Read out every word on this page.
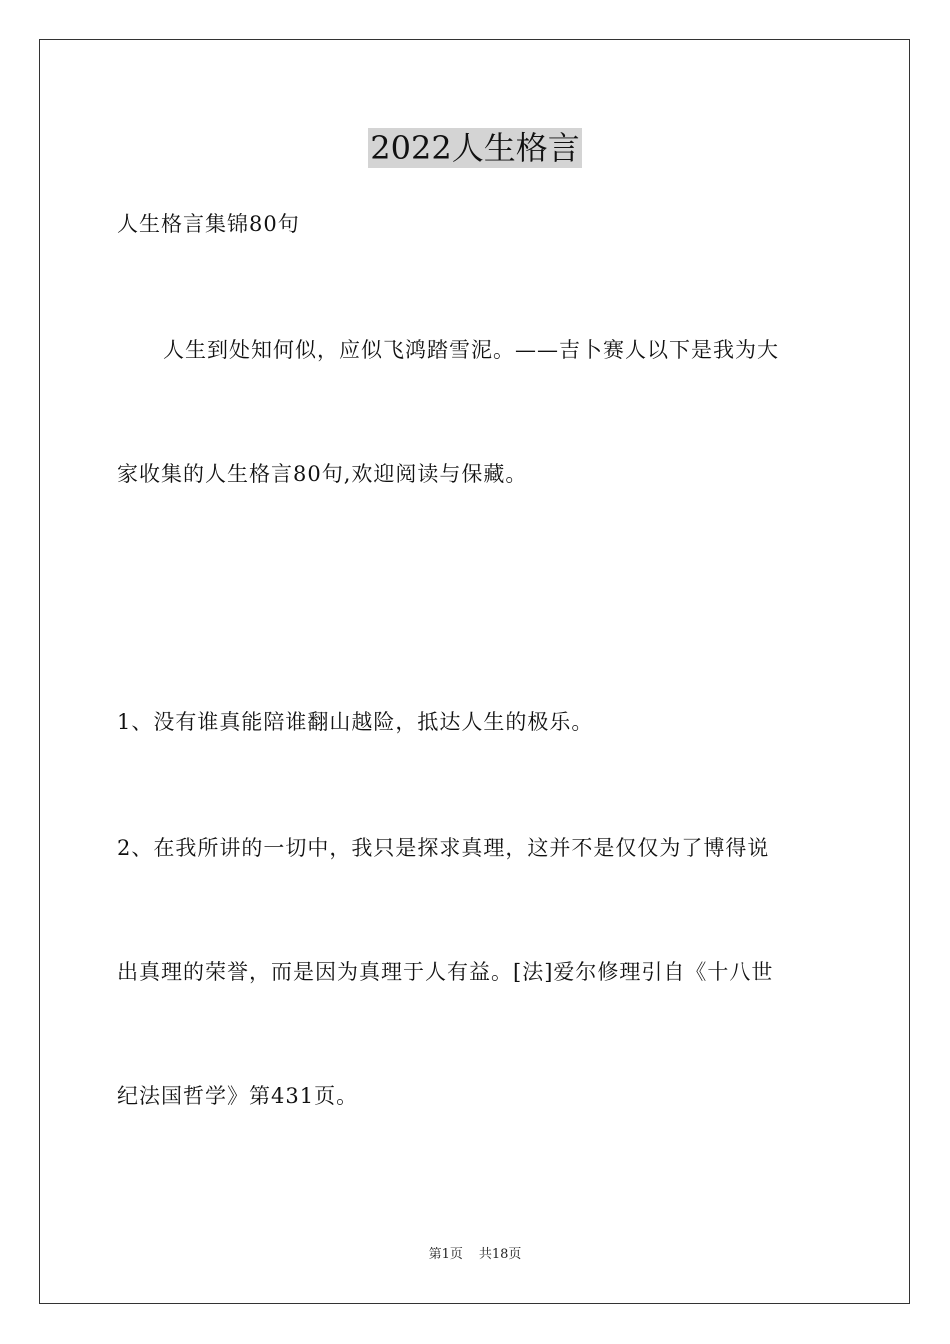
2022人生格言
人生格言集锦80句
人生到处知何似，应似飞鸿踏雪泥。——吉卜赛人以下是我为大
家收集的人生格言80句,欢迎阅读与保藏。
1、没有谁真能陪谁翻山越险，抵达人生的极乐。
2、在我所讲的一切中，我只是探求真理，这并不是仅仅为了博得说
出真理的荣誉，而是因为真理于人有益。[法]爱尔修理引自《十八世
纪法国哲学》第431页。
第1页 共18页
